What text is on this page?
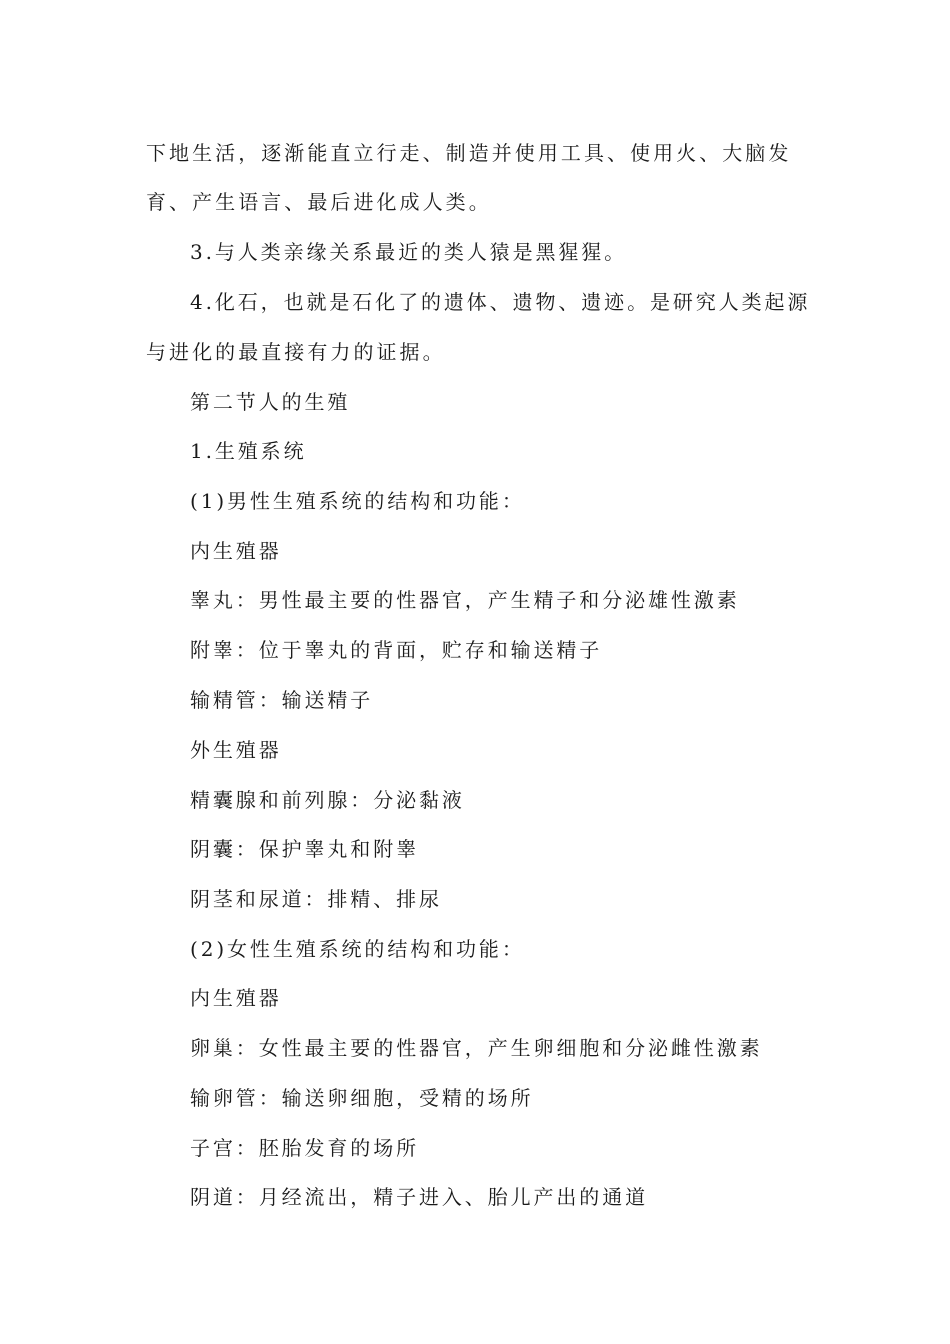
下地生活，逐渐能直立行走、制造并使用工具、使用火、大脑发
育、产生语言、最后进化成人类。
3.与人类亲缘关系最近的类人猿是黑猩猩。
4.化石，也就是石化了的遗体、遗物、遗迹。是研究人类起源
与进化的最直接有力的证据。
第二节人的生殖
1.生殖系统
(1)男性生殖系统的结构和功能：
内生殖器
睾丸：男性最主要的性器官，产生精子和分泌雄性激素
附睾：位于睾丸的背面，贮存和输送精子
输精管：输送精子
外生殖器
精囊腺和前列腺：分泌黏液
阴囊：保护睾丸和附睾
阴茎和尿道：排精、排尿
(2)女性生殖系统的结构和功能：
内生殖器
卵巢：女性最主要的性器官，产生卵细胞和分泌雌性激素
输卵管：输送卵细胞，受精的场所
子宫：胚胎发育的场所
阴道：月经流出，精子进入、胎儿产出的通道
